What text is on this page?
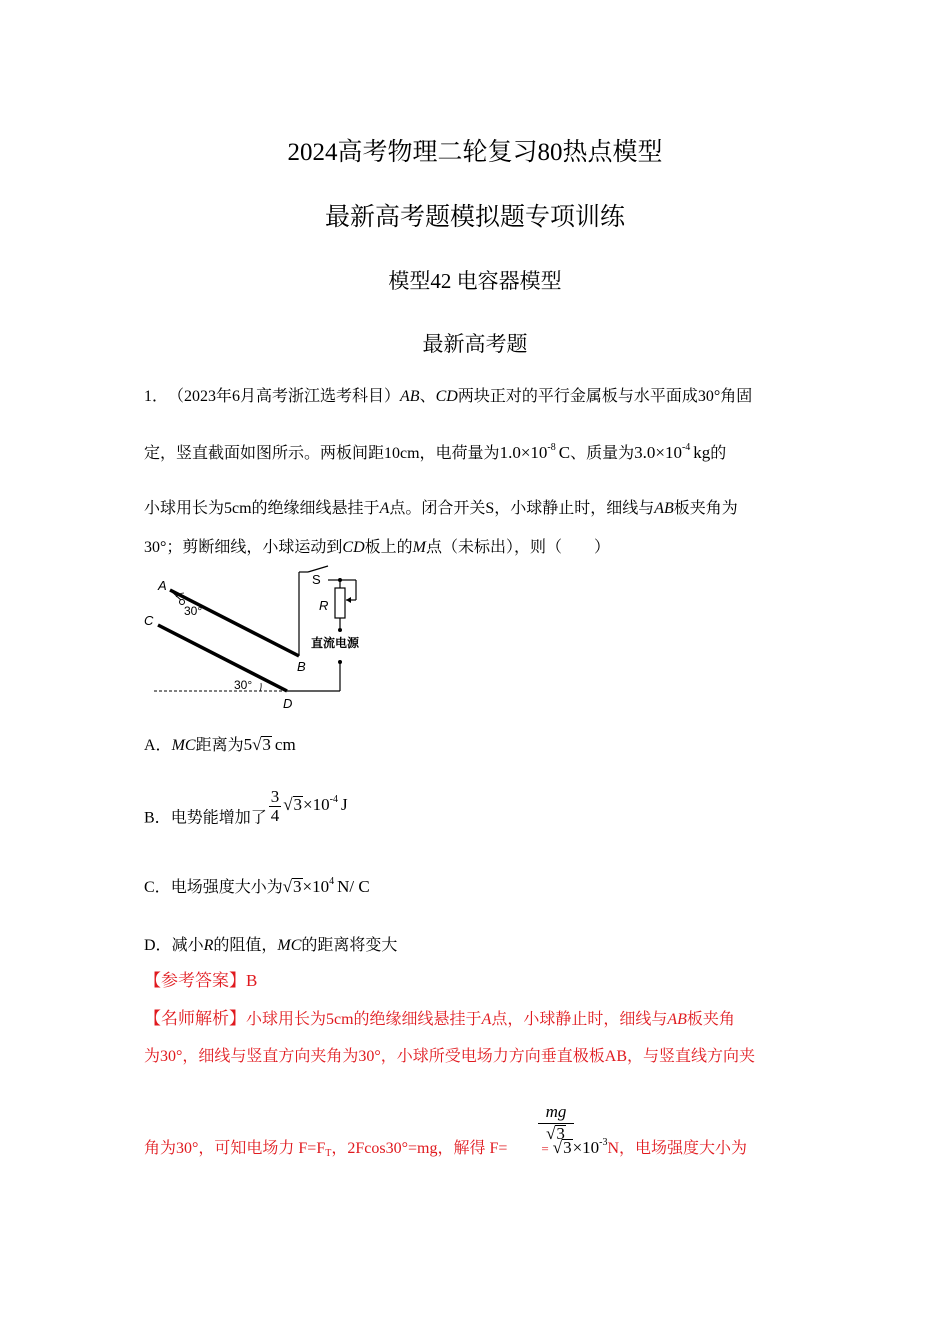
2024高考物理二轮复习80热点模型
最新高考题模拟题专项训练
模型42 电容器模型
最新高考题
1． （2023年6月高考浙江选考科目）AB、CD两块正对的平行金属板与水平面成30°角固
定，竖直截面如图所示。两板间距10cm，电荷量为$1.0\times 10^{-8}$ C、质量为$3.0\times 10^{-4}$ kg的
小球用长为5cm的绝缘细线悬挂于A点。闭合开关S，小球静止时，细线与AB板夹角为
30°；剪断细线，小球运动到CD板上的M点（未标出），则（　　）
A
B
C
D
S
R
直流电源
30°
30°
A．MC距离为5√3 cm
B．电势能增加了 $\frac{3}{4} √3\times 10^{-4}$ J
C．电场强度大小为$√3\times 10^4$ N/ C
D．减小R的阻值，MC的距离将变大
【参考答案】B
【名师解析】小球用长为5cm的绝缘细线悬挂于A点，小球静止时，细线与AB板夹角
为30°，细线与竖直方向夹角为30°，小球所受电场力方向垂直极板AB，与竖直线方向夹
mg
√3
角为30°，可知电场力 $F=F_T$，2Fcos30°=mg，解得 F=	= $√3\times 10^{-3}N$，电场强度大小为
